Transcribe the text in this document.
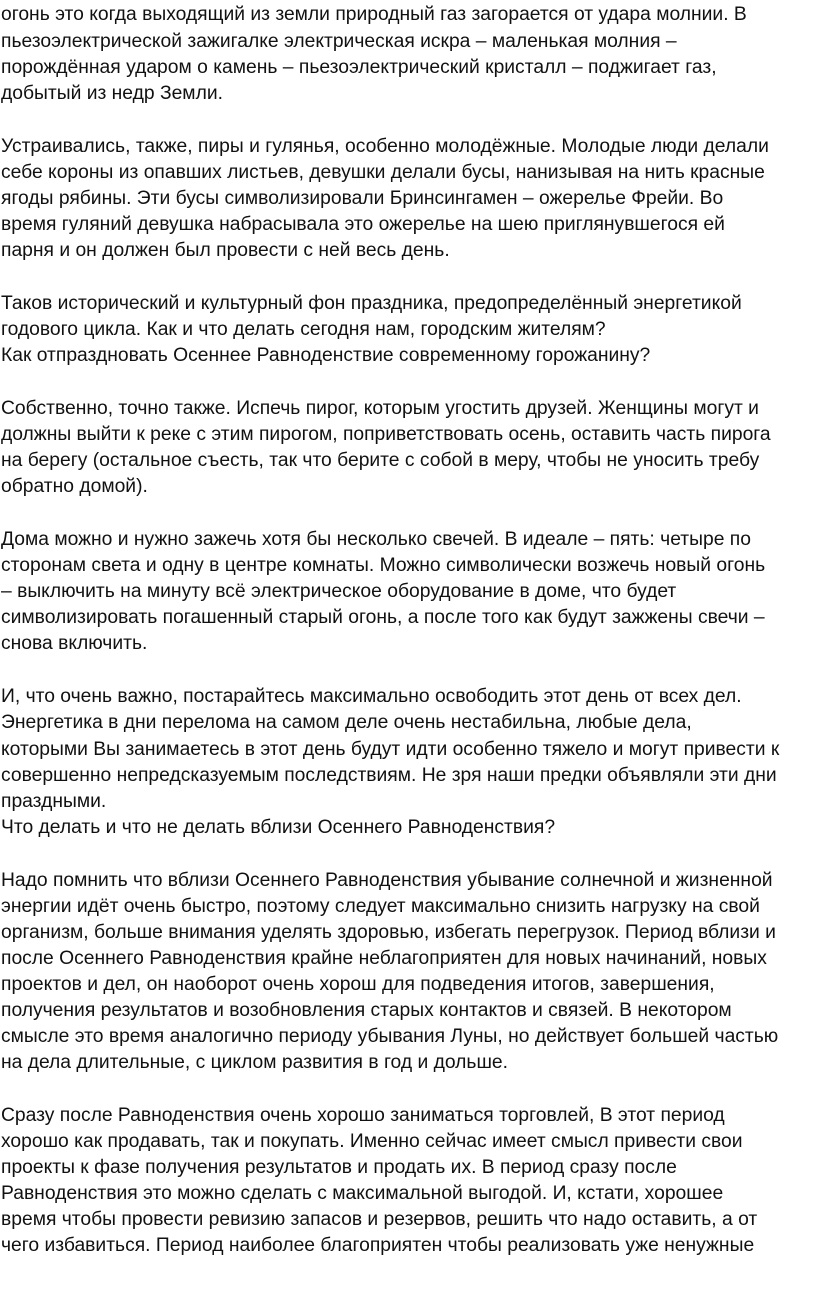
огонь это когда выходящий из земли природный газ загорается от удара молнии. В

пьезоэлектрической зажигалке электрическая искра – маленькая молния –

порождённая ударом о камень – пьезоэлектрический кристалл – поджигает газ,

добытый из недр Земли.

Устраивались, также, пиры и гулянья, особенно молодёжные. Молодые люди делали

себе короны из опавших листьев, девушки делали бусы, нанизывая на нить красные

ягоды рябины. Эти бусы символизировали Бринсингамен – ожерелье Фрейи. Во

время гуляний девушка набрасывала это ожерелье на шею приглянувшегося ей

парня и он должен был провести с ней весь день.

Таков исторический и культурный фон праздника, предопределённый энергетикой

годового цикла. Как и что делать сегодня нам, городским жителям?

Как отпраздновать Осеннее Равноденствие современному горожанину?

Собственно, точно также. Испечь пирог, которым угостить друзей. Женщины могут и

должны выйти к реке с этим пирогом, поприветствовать осень, оставить часть пирога

на берегу (остальное съесть, так что берите с собой в меру, чтобы не уносить требу

обратно домой).

Дома можно и нужно зажечь хотя бы несколько свечей. В идеале – пять: четыре по

сторонам света и одну в центре комнаты. Можно символически возжечь новый огонь

– выключить на минуту всё электрическое оборудование в доме, что будет

символизировать погашенный старый огонь, а после того как будут зажжены свечи –

снова включить.

И, что очень важно, постарайтесь максимально освободить этот день от всех дел.

Энергетика в дни перелома на самом деле очень нестабильна, любые дела,

которыми Вы занимаетесь в этот день будут идти особенно тяжело и могут привести к

совершенно непредсказуемым последствиям. Не зря наши предки объявляли эти дни

праздными.

Что делать и что не делать вблизи Осеннего Равноденствия?

Надо помнить что вблизи Осеннего Равноденствия убывание солнечной и жизненной

энергии идёт очень быстро, поэтому следует максимально снизить нагрузку на свой

организм, больше внимания уделять здоровью, избегать перегрузок. Период вблизи и

после Осеннего Равноденствия крайне неблагоприятен для новых начинаний, новых

проектов и дел, он наоборот очень хорош для подведения итогов, завершения,

получения результатов и возобновления старых контактов и связей. В некотором

смысле это время аналогично периоду убывания Луны, но действует большей частью

на дела длительные, с циклом развития в год и дольше.

Сразу после Равноденствия очень хорошо заниматься торговлей, В этот период

хорошо как продавать, так и покупать. Именно сейчас имеет смысл привести свои

проекты к фазе получения результатов и продать их. В период сразу после

Равноденствия это можно сделать с максимальной выгодой. И, кстати, хорошее

время чтобы провести ревизию запасов и резервов, решить что надо оставить, а от

чего избавиться. Период наиболее благоприятен чтобы реализовать уже ненужные
